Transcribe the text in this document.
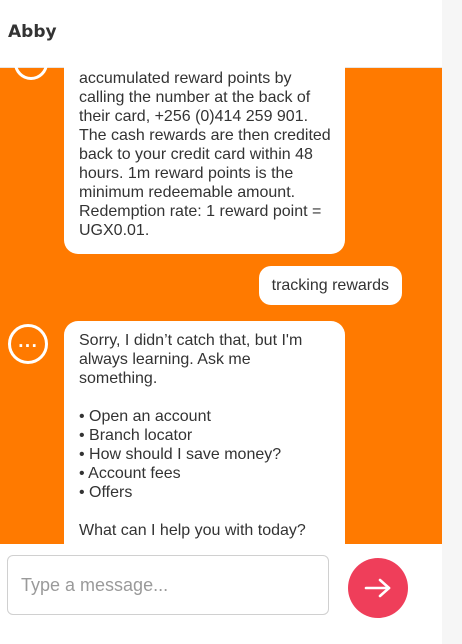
Abby
...
accumulated reward points by calling the number at the back of their card, +256 (0)414 259 901. The cash rewards are then credited back to your credit card within 48 hours. 1m reward points is the minimum redeemable amount. Redemption rate: 1 reward point = UGX0.01.
tracking rewards
...	Sorry, I didn’t catch that, but I'm always learning. Ask me something.

• Open an account
• Branch locator
• How should I save money?
• Account fees
• Offers

What can I help you with today?
Type a message...
